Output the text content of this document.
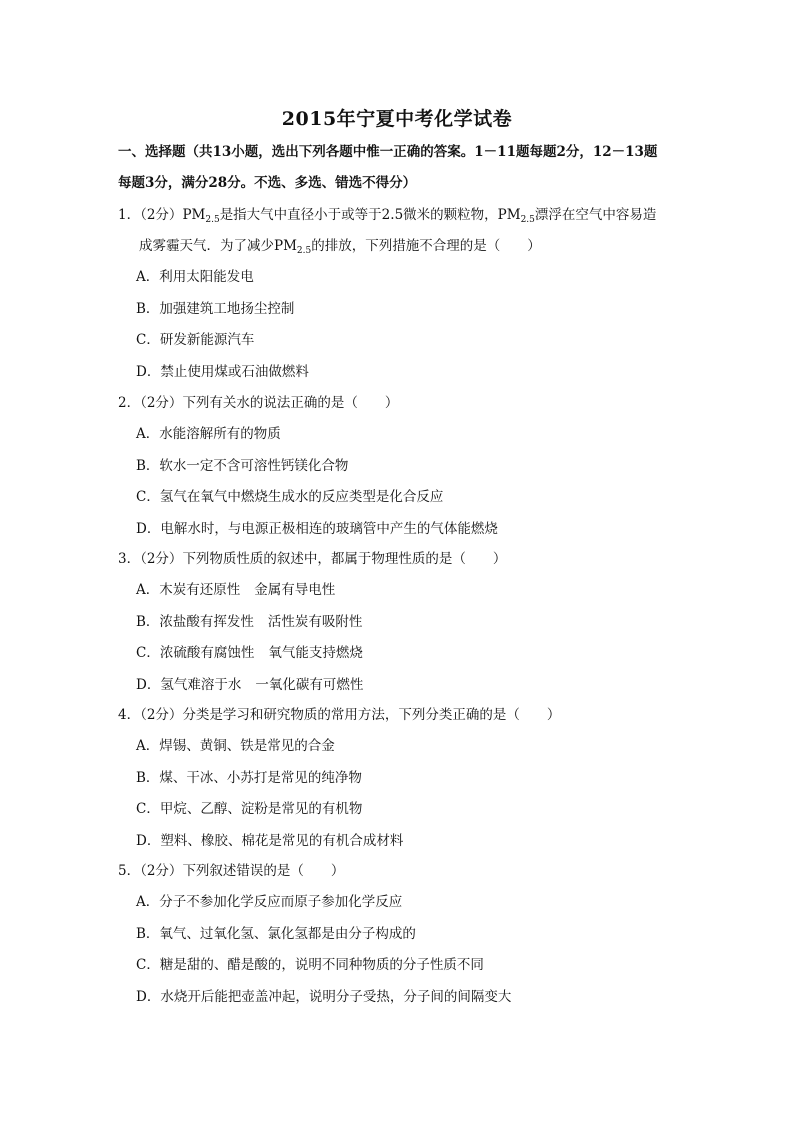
2015年宁夏中考化学试卷
一、选择题（共13小题，选出下列各题中惟一正确的答案。1－11题每题2分，12－13题
每题3分，满分28分。不选、多选、错选不得分）
1．（2分）$PM_{2.5}$是指大气中直径小于或等于2.5微米的颗粒物，$PM_{2.5}$漂浮在空气中容易造
成雾霾天气．为了减少$PM_{2.5}$的排放，下列措施不合理的是（　　）
A．利用太阳能发电
B．加强建筑工地扬尘控制
C．研发新能源汽车
D．禁止使用煤或石油做燃料
2．（2分）下列有关水的说法正确的是（　　）
A．水能溶解所有的物质
B．软水一定不含可溶性钙镁化合物
C．氢气在氧气中燃烧生成水的反应类型是化合反应
D．电解水时，与电源正极相连的玻璃管中产生的气体能燃烧
3．（2分）下列物质性质的叙述中，都属于物理性质的是（　　）
A．木炭有还原性 金属有导电性
B．浓盐酸有挥发性 活性炭有吸附性
C．浓硫酸有腐蚀性 氧气能支持燃烧
D．氢气难溶于水 一氧化碳有可燃性
4．（2分）分类是学习和研究物质的常用方法，下列分类正确的是（　　）
A．焊锡、黄铜、铁是常见的合金
B．煤、干冰、小苏打是常见的纯净物
C．甲烷、乙醇、淀粉是常见的有机物
D．塑料、橡胶、棉花是常见的有机合成材料
5．（2分）下列叙述错误的是（　　）
A．分子不参加化学反应而原子参加化学反应
B．氧气、过氧化氢、氯化氢都是由分子构成的
C．糖是甜的、醋是酸的，说明不同种物质的分子性质不同
D．水烧开后能把壶盖冲起，说明分子受热，分子间的间隔变大
